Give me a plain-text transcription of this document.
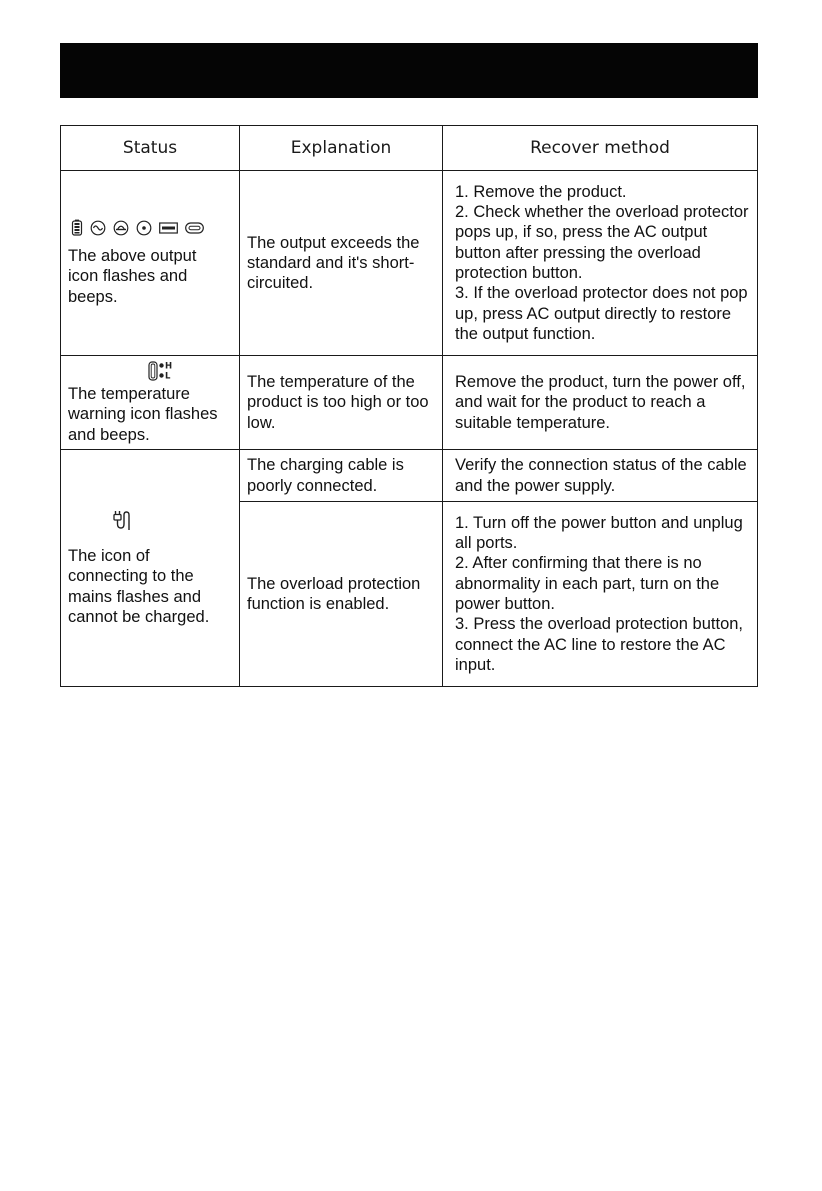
Status	Explanation	Recover method

The above output icon flashes and beeps.	The output exceeds the standard and it's short-circuited.	1. Remove the product.
2. Check whether the overload protector pops up, if so, press the AC output button after pressing the overload protection button.
3. If the overload protector does not pop up, press AC output directly to restore the output function.

H
L
The temperature warning icon flashes and beeps.	The temperature of the product is too high or too low.	Remove the product, turn the power off, and wait for the product to reach a suitable temperature.

The icon of connecting to the mains flashes and cannot be charged.	The charging cable is poorly connected.	Verify the connection status of the cable and the power supply.

	The overload protection function is enabled.	1. Turn off the power button and unplug all ports.
2. After confirming that there is no abnormality in each part, turn on the power button.
3. Press the overload protection button, connect the AC line to restore the AC input.
